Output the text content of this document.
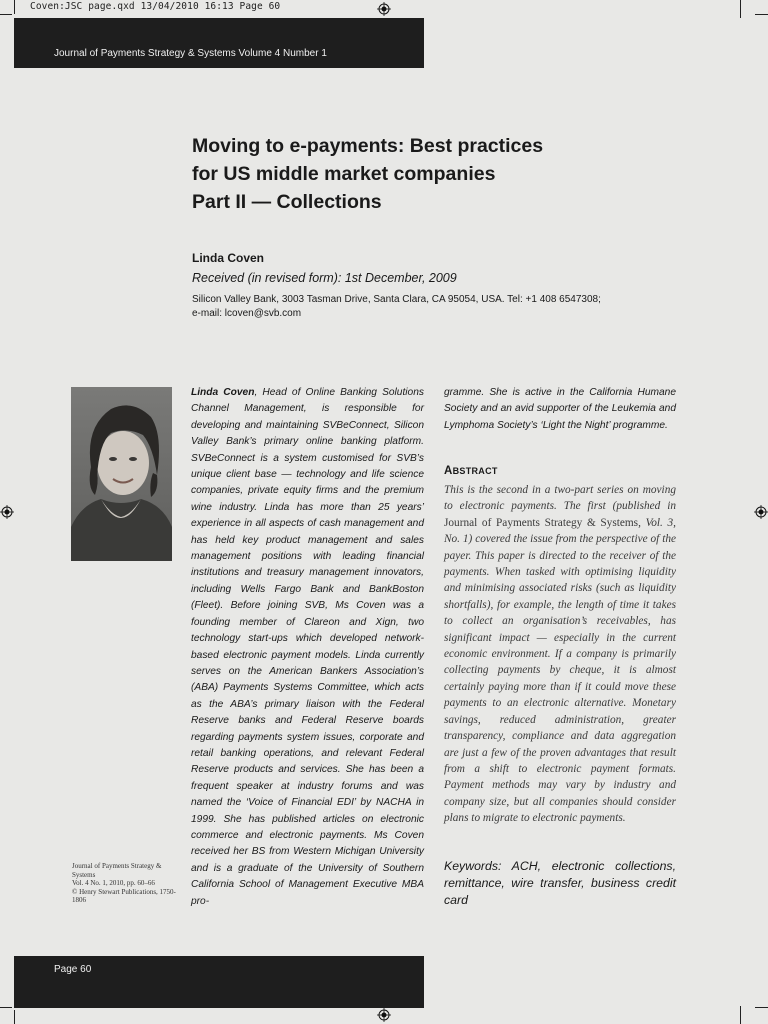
Coven:JSC page.qxd 13/04/2010 16:13 Page 60
Journal of Payments Strategy & Systems Volume 4 Number 1
Moving to e-payments: Best practices
for US middle market companies
Part II — Collections
Linda Coven
Received (in revised form): 1st December, 2009
Silicon Valley Bank, 3003 Tasman Drive, Santa Clara, CA 95054, USA. Tel: +1 408 6547308;
e-mail: lcoven@svb.com
Linda Coven, Head of Online Banking Solutions Channel Management, is responsible for developing and maintaining SVBeConnect, Silicon Valley Bank’s primary online banking platform. SVBeConnect is a system customised for SVB’s unique client base — technology and life science companies, private equity firms and the premium wine industry. Linda has more than 25 years’ experience in all aspects of cash management and has held key product management and sales management positions with leading financial institutions and treasury management innovators, including Wells Fargo Bank and BankBoston (Fleet). Before joining SVB, Ms Coven was a founding member of Clareon and Xign, two technology start-ups which developed network-based electronic payment models. Linda currently serves on the American Bankers Association’s (ABA) Payments Systems Committee, which acts as the ABA’s primary liaison with the Federal Reserve banks and Federal Reserve boards regarding payments system issues, corporate and retail banking operations, and relevant Federal Reserve products and services. She has been a frequent speaker at industry forums and was named the ‘Voice of Financial EDI’ by NACHA in 1999. She has published articles on electronic commerce and electronic payments. Ms Coven received her BS from Western Michigan University and is a graduate of the University of Southern California School of Management Executive MBA pro-
gramme. She is active in the California Humane Society and an avid supporter of the Leukemia and Lymphoma Society’s ‘Light the Night’ programme.
ABSTRACT
This is the second in a two-part series on moving to electronic payments. The first (published in Journal of Payments Strategy & Systems, Vol. 3, No. 1) covered the issue from the perspective of the payer. This paper is directed to the receiver of the payments. When tasked with optimising liquidity and minimising associated risks (such as liquidity shortfalls), for example, the length of time it takes to collect an organisation’s receivables, has significant impact — especially in the current economic environment. If a company is primarily collecting payments by cheque, it is almost certainly paying more than if it could move these payments to an electronic alternative. Monetary savings, reduced administration, greater transparency, compliance and data aggregation are just a few of the proven advantages that result from a shift to electronic payment formats. Payment methods may vary by industry and company size, but all companies should consider plans to migrate to electronic payments.
Keywords: ACH, electronic collections, remittance, wire transfer, business credit card
Journal of Payments Strategy & Systems
Vol. 4 No. 1, 2010, pp. 60–66
© Henry Stewart Publications, 1750-1806
Page 60
